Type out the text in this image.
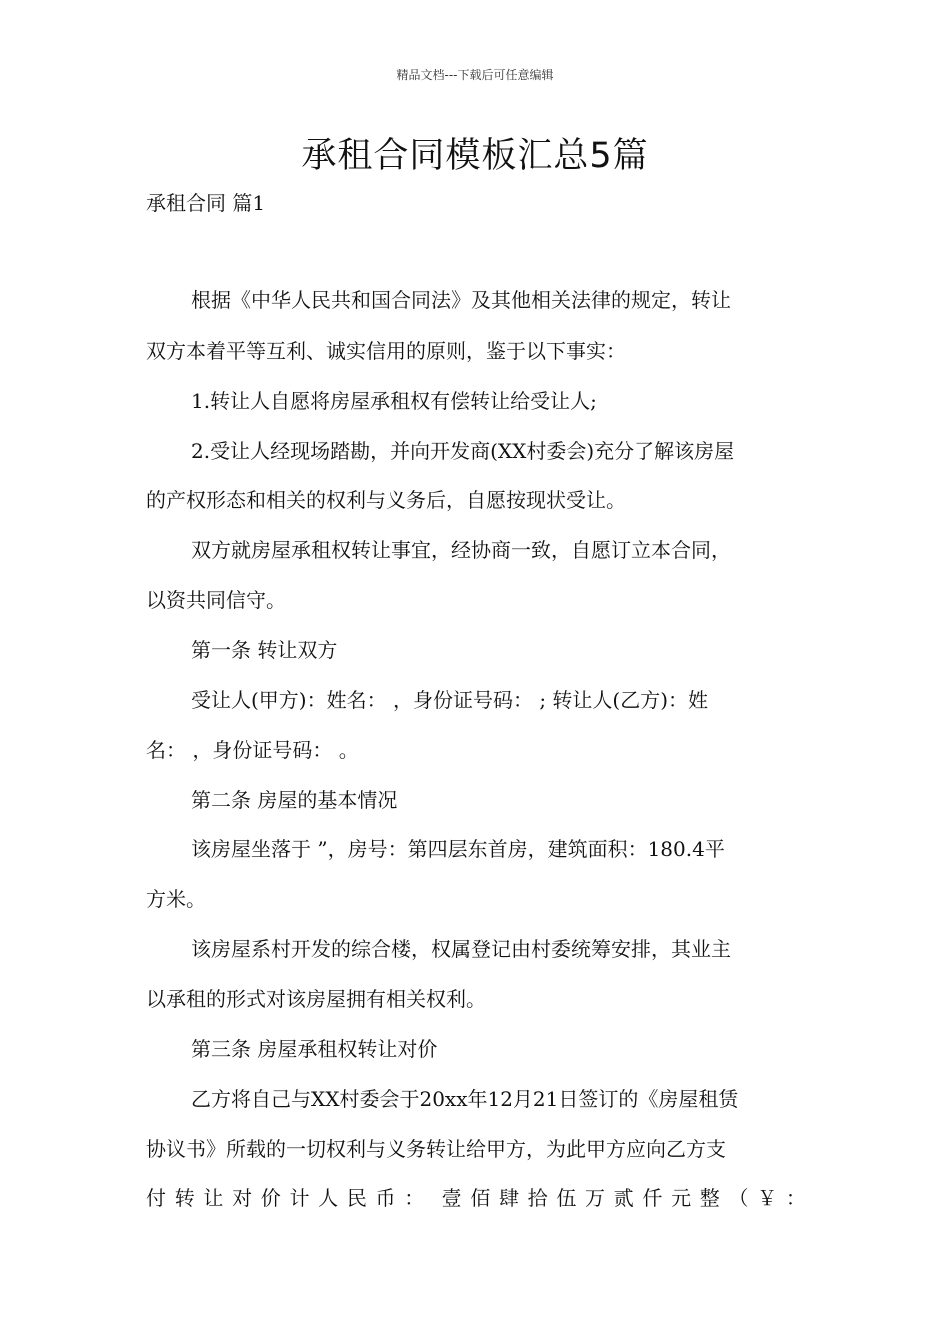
精品文档---下载后可任意编辑
承租合同模板汇总5篇
承租合同 篇1
根据《中华人民共和国合同法》及其他相关法律的规定，转让
双方本着平等互利、诚实信用的原则，鉴于以下事实：
1.转让人自愿将房屋承租权有偿转让给受让人;
2.受让人经现场踏勘，并向开发商(XX村委会)充分了解该房屋
的产权形态和相关的权利与义务后，自愿按现状受让。
双方就房屋承租权转让事宜，经协商一致，自愿订立本合同，
以资共同信守。
第一条 转让双方
受让人(甲方)：姓名： ，身份证号码： ; 转让人(乙方)：姓
名： ，身份证号码： 。
第二条 房屋的基本情况
该房屋坐落于 ”，房号：第四层东首房，建筑面积：180.4平
方米。
该房屋系村开发的综合楼，权属登记由村委统筹安排，其业主
以承租的形式对该房屋拥有相关权利。
第三条 房屋承租权转让对价
乙方将自己与XX村委会于20xx年12月21日签订的《房屋租赁
协议书》所载的一切权利与义务转让给甲方，为此甲方应向乙方支
付 转 让 对 价 计 人 民 币 ： 壹 佰 肆 拾 伍 万 贰 仟 元 整 （ ￥ ：
